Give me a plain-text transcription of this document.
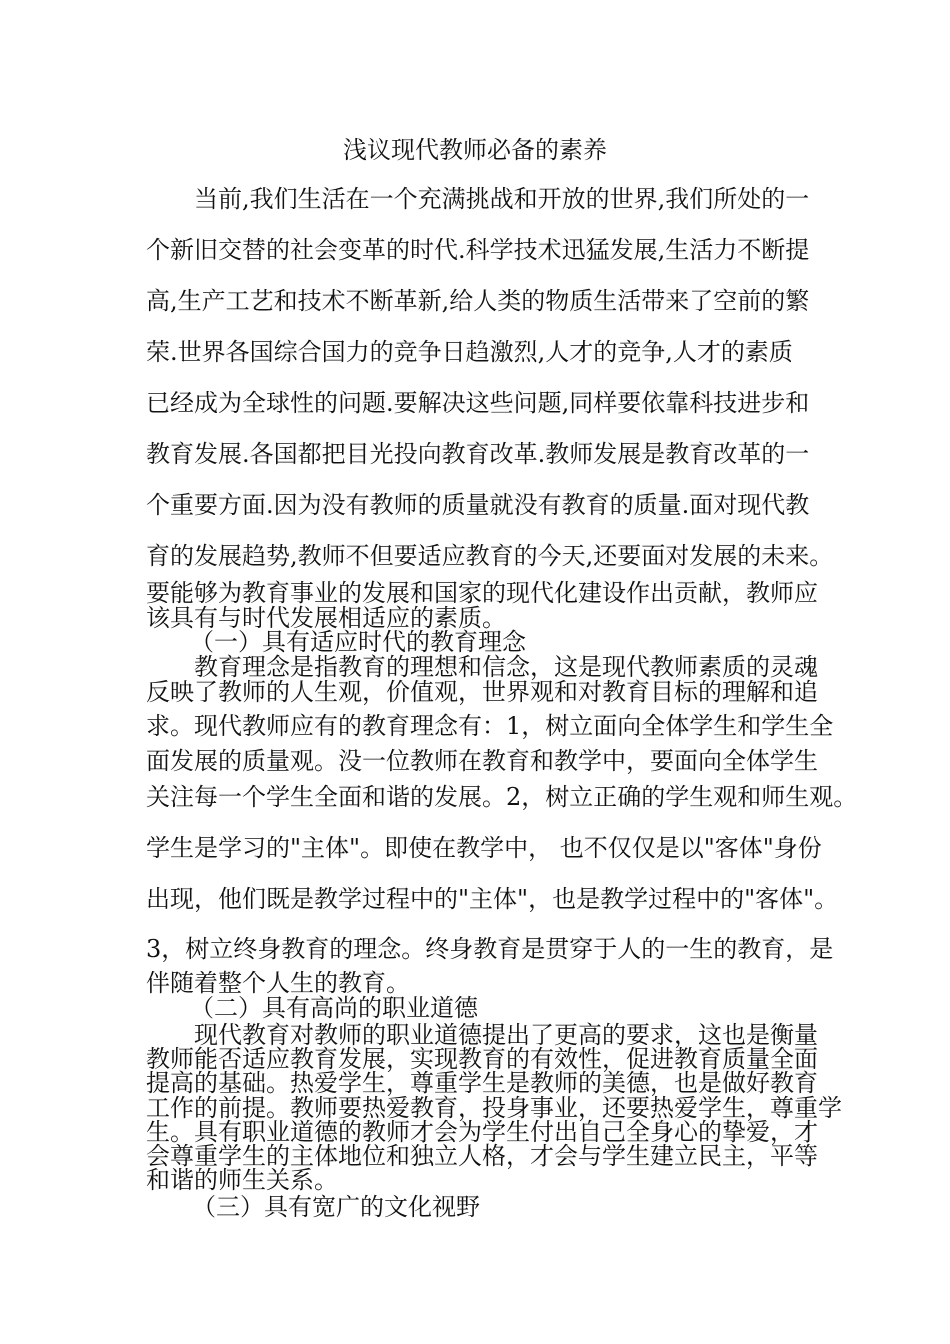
浅议现代教师必备的素养
当前,我们生活在一个充满挑战和开放的世界,我们所处的一
个新旧交替的社会变革的时代.科学技术迅猛发展,生活力不断提
高,生产工艺和技术不断革新,给人类的物质生活带来了空前的繁
荣.世界各国综合国力的竞争日趋激烈,人才的竞争,人才的素质
已经成为全球性的问题.要解决这些问题,同样要依靠科技进步和
教育发展.各国都把目光投向教育改革.教师发展是教育改革的一
个重要方面.因为没有教师的质量就没有教育的质量.面对现代教
育的发展趋势,教师不但要适应教育的今天,还要面对发展的未来。
要能够为教育事业的发展和国家的现代化建设作出贡献，教师应
该具有与时代发展相适应的素质。
（一）具有适应时代的教育理念
教育理念是指教育的理想和信念，这是现代教师素质的灵魂
反映了教师的人生观，价值观，世界观和对教育目标的理解和追
求。现代教师应有的教育理念有：1，树立面向全体学生和学生全
面发展的质量观。没一位教师在教育和教学中，要面向全体学生
关注每一个学生全面和谐的发展。2，树立正确的学生观和师生观。
学生是学习的"主体"。即使在教学中， 也不仅仅是以"客体"身份
出现，他们既是教学过程中的"主体"，也是教学过程中的"客体"。
3，树立终身教育的理念。终身教育是贯穿于人的一生的教育，是
伴随着整个人生的教育。
（二）具有高尚的职业道德
现代教育对教师的职业道德提出了更高的要求，这也是衡量
教师能否适应教育发展，实现教育的有效性，促进教育质量全面
提高的基础。热爱学生，尊重学生是教师的美德，也是做好教育
工作的前提。教师要热爱教育，投身事业，还要热爱学生，尊重学
生。具有职业道德的教师才会为学生付出自己全身心的挚爱，才
会尊重学生的主体地位和独立人格，才会与学生建立民主，平等
和谐的师生关系。
（三）具有宽广的文化视野
